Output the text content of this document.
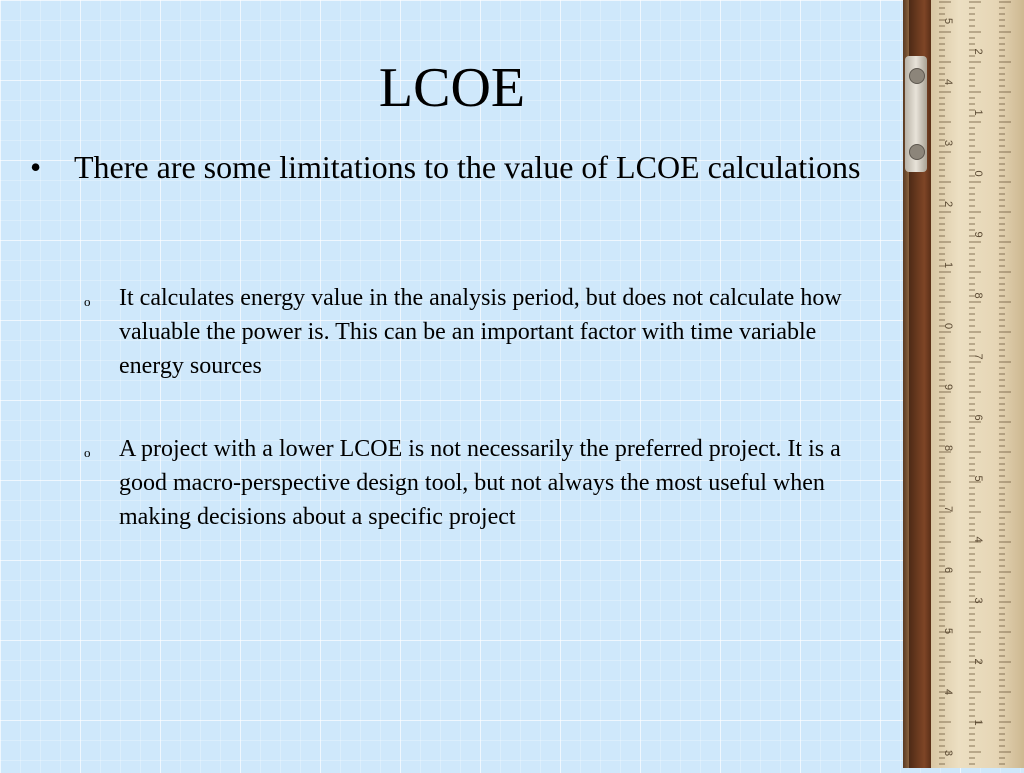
LCOE
• There are some limitations to the value of LCOE calculations
o It calculates energy value in the analysis period, but does not calculate how valuable the power is. This can be an important factor with time variable energy sources
o A project with a lower LCOE is not necessarily the preferred project. It is a good macro-perspective design tool, but not always the most useful when making decisions about a specific project
5
2
4
1
3
0
2
9
1
8
0
7
9
6
8
5
7
4
6
3
5
2
4
1
3
